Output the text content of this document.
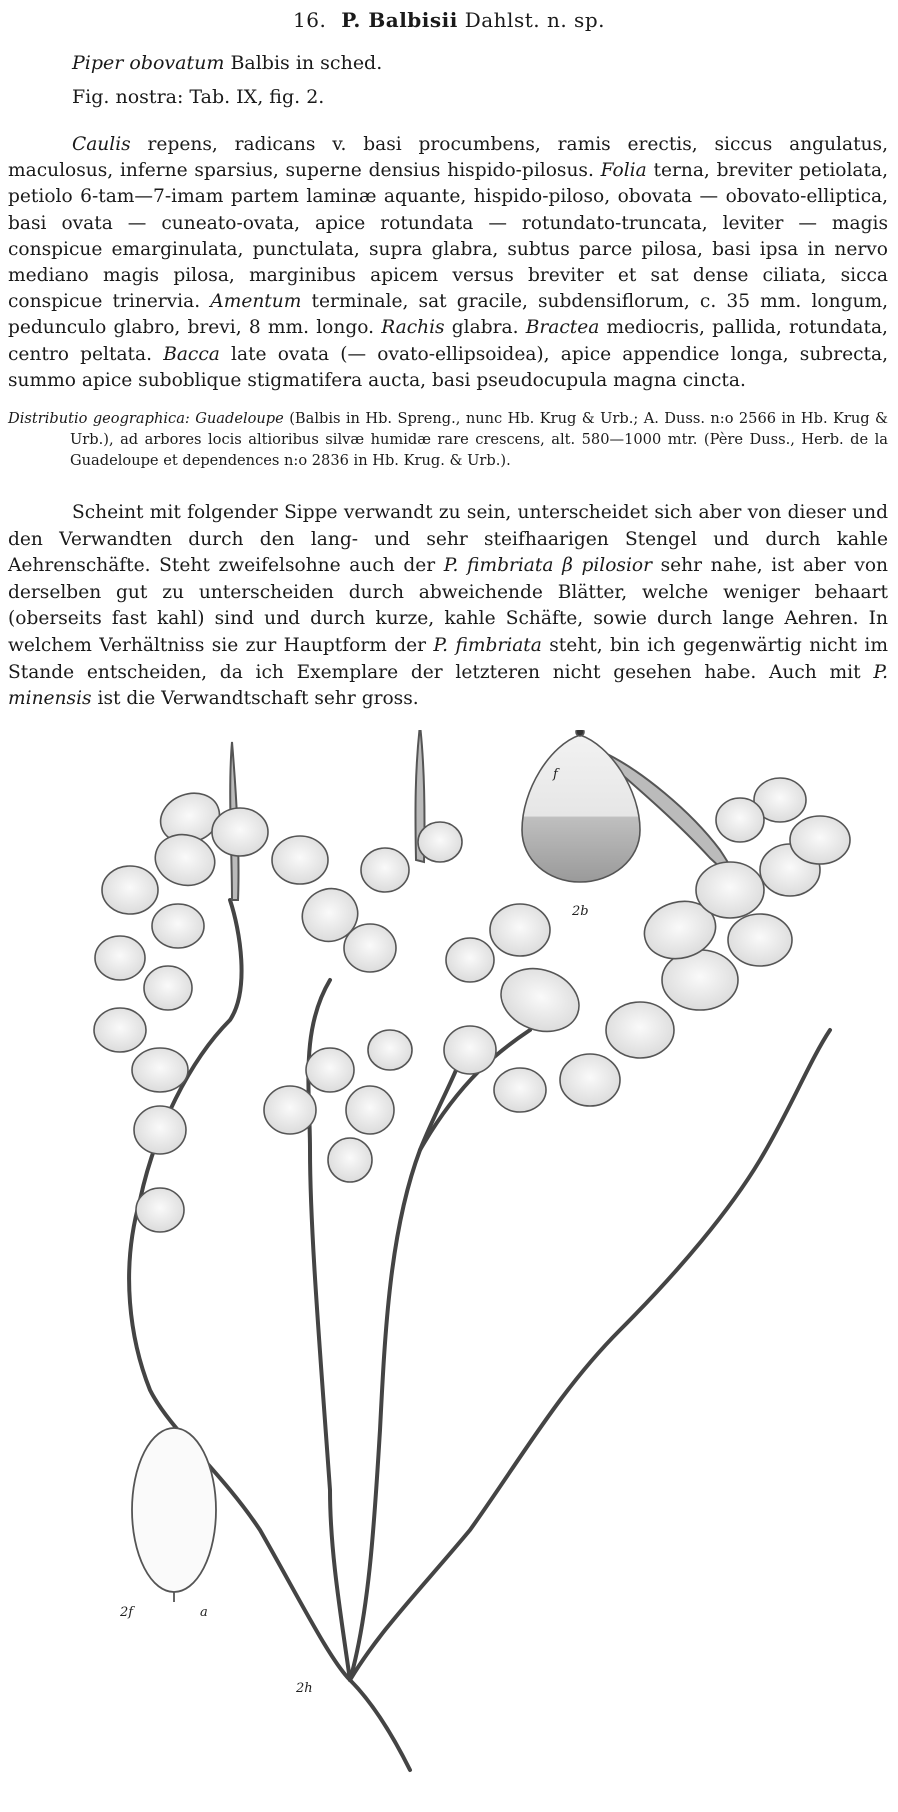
16. P. Balbisii Dahlst. n. sp.
Piper obovatum Balbis in sched.
Fig. nostra: Tab. IX, fig. 2.

Caulis repens, radicans v. basi procumbens, ramis erectis, siccus angulatus, maculosus, inferne sparsius, superne densius hispido-pilosus. Folia terna, breviter petiolata, petiolo 6-tam—7-imam partem laminæ aquante, hispido-piloso, obovata — obovato-elliptica, basi ovata — cuneato-ovata, apice rotundata — rotundato-truncata, leviter — magis conspicue emarginulata, punctulata, supra glabra, subtus parce pilosa, basi ipsa in nervo mediano magis pilosa, marginibus apicem versus breviter et sat dense ciliata, sicca conspicue trinervia. Amentum terminale, sat gracile, subdensiflorum, c. 35 mm. longum, pedunculo glabro, brevi, 8 mm. longo. Rachis glabra. Bractea mediocris, pallida, rotundata, centro peltata. Bacca late ovata (— ovato-ellipsoidea), apice appendice longa, subrecta, summo apice suboblique stigmatifera aucta, basi pseudocupula magna cincta.

Distributio geographica: Guadeloupe (Balbis in Hb. Spreng., nunc Hb. Krug & Urb.; A. Duss. n:o 2566 in Hb. Krug & Urb.), ad arbores locis altioribus silvæ humidæ rare crescens, alt. 580—1000 mtr. (Père Duss., Herb. de la Guadeloupe et dependences n:o 2836 in Hb. Krug. & Urb.).

Scheint mit folgender Sippe verwandt zu sein, unterscheidet sich aber von dieser und den Verwandten durch den lang- und sehr steifhaarigen Stengel und durch kahle Aehrenschäfte. Steht zweifelsohne auch der P. fimbriata β pilosior sehr nahe, ist aber von derselben gut zu unterscheiden durch abweichende Blätter, welche weniger behaart (oberseits fast kahl) sind und durch kurze, kahle Schäfte, sowie durch lange Aehren. In welchem Verhältniss sie zur Hauptform der P. fimbriata steht, bin ich gegenwärtig nicht im Stande entscheiden, da ich Exemplare der letzteren nicht gesehen habe. Auch mit P. minensis ist die Verwandtschaft sehr gross.

2b
f
2h
2f	a
